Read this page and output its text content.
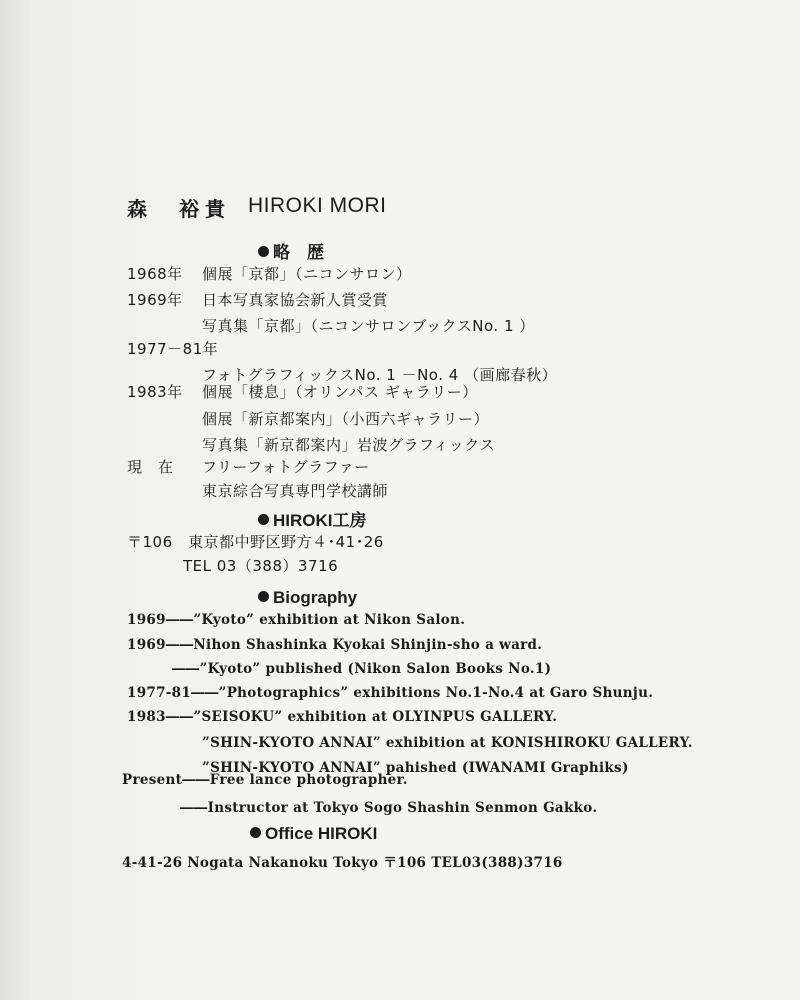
森　裕貴 HIROKI MORI
略　歴
1968年 個展「京都」（ニコンサロン）
1969年 日本写真家協会新人賞受賞
写真集「京都」（ニコンサロンブックスNo. 1 ）
1977－81年
フォトグラフィックスNo. 1 －No. 4 （画廊春秋）
1983年 個展「棲息」（オリンパス ギャラリー）
個展「新京都案内」（小西六ギャラリー）
写真集「新京都案内」岩波グラフィックス
現　在 フリーフォトグラファー
東京綜合写真専門学校講師
HIROKI工房
〒106　東京都中野区野方４･41･26
TEL 03（388）3716
Biography
1969――”Kyoto” exhibition at Nikon Salon.
1969――Nihon Shashinka Kyokai Shinjin-sho a ward.
――”Kyoto” published (Nikon Salon Books No.1)
1977-81――”Photographics” exhibitions No.1-No.4 at Garo Shunju.
1983――”SEISOKU” exhibition at OLYINPUS GALLERY.
”SHIN-KYOTO ANNAI” exhibition at KONISHIROKU GALLERY.
”SHIN-KYOTO ANNAI” pahished (IWANAMI Graphiks)
Present――Free lance photographer.
――Instructor at Tokyo Sogo Shashin Senmon Gakko.
Office HIROKI
4-41-26 Nogata Nakanoku Tokyo 〒106 TEL03(388)3716
